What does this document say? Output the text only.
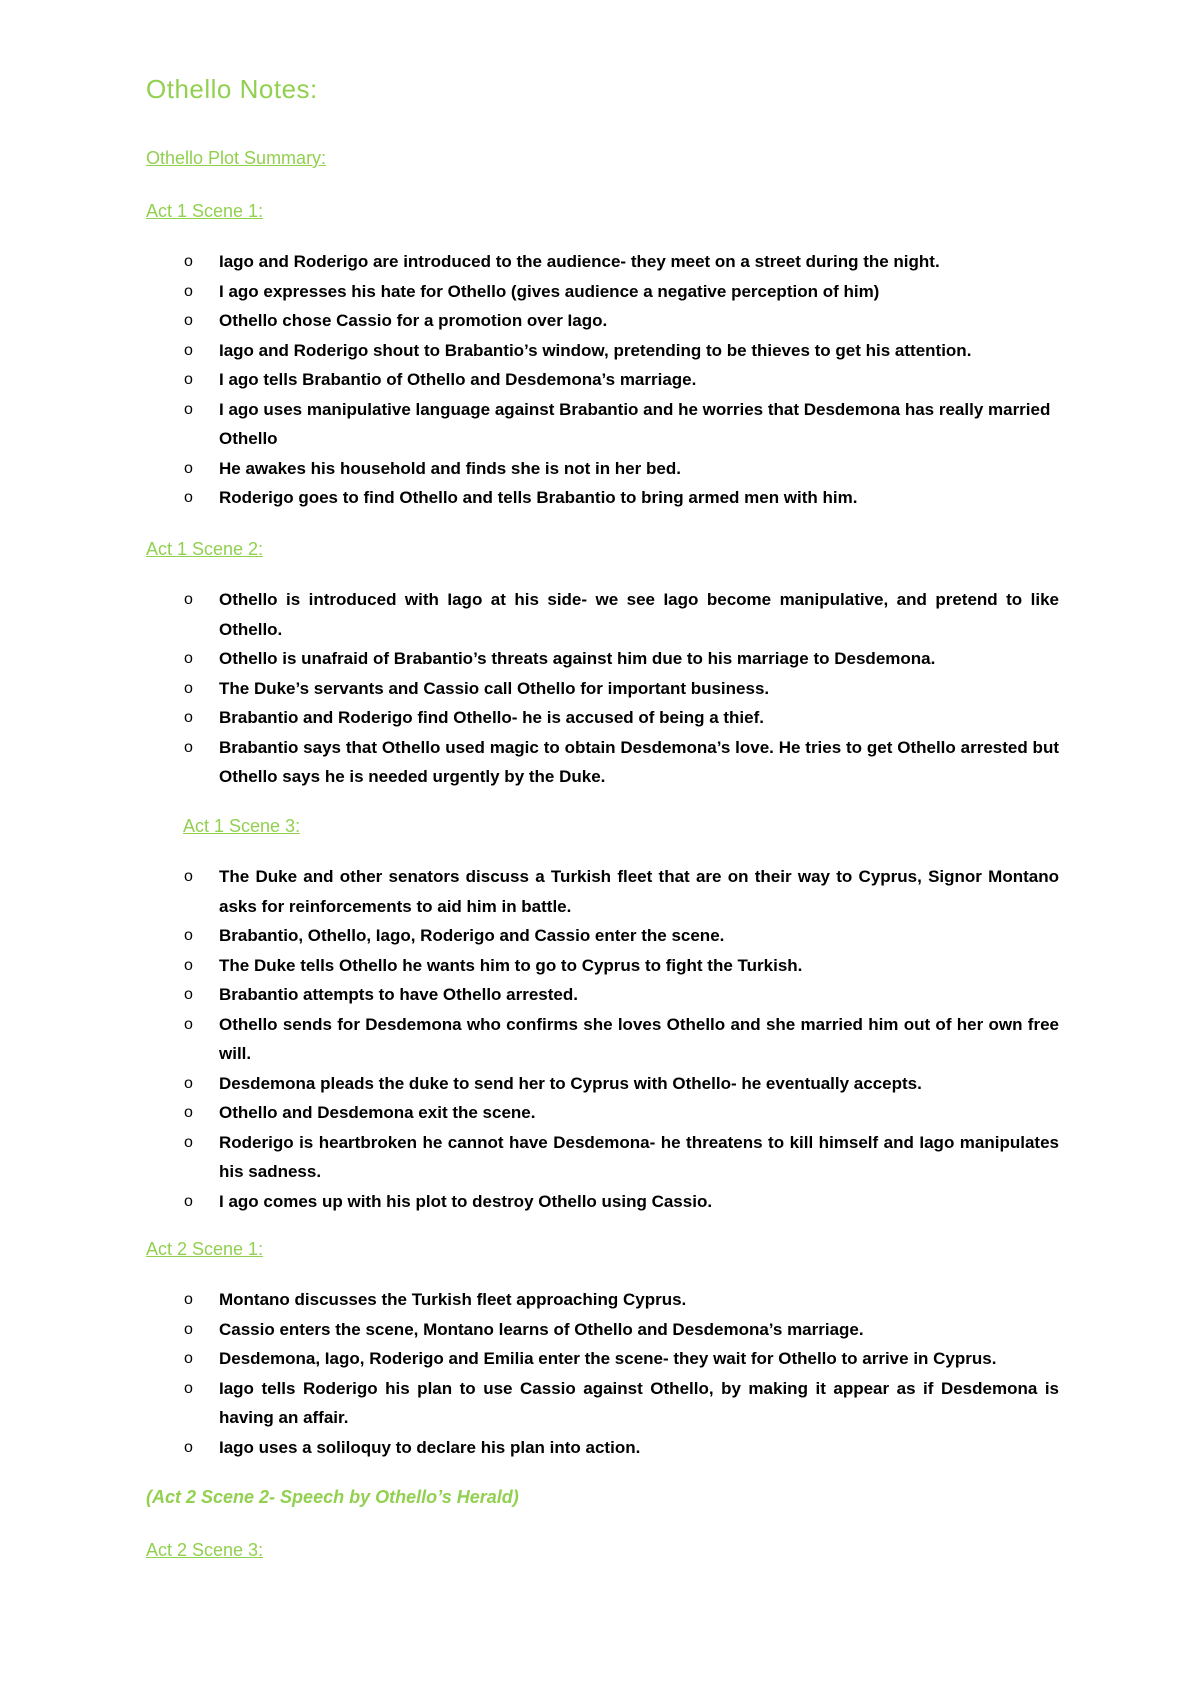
Othello Notes:
Othello Plot Summary:
Act 1 Scene 1:
o Iago and Roderigo are introduced to the audience- they meet on a street during the night.
o I ago expresses his hate for Othello (gives audience a negative perception of him)
o Othello chose Cassio for a promotion over Iago.
o Iago and Roderigo shout to Brabantio’s window, pretending to be thieves to get his attention.
o I ago tells Brabantio of Othello and Desdemona’s marriage.
o I ago uses manipulative language against Brabantio and he worries that Desdemona has really married Othello
o He awakes his household and finds she is not in her bed.
o Roderigo goes to find Othello and tells Brabantio to bring armed men with him.
Act 1 Scene 2:
o Othello is introduced with Iago at his side- we see Iago become manipulative, and pretend to like Othello.
o Othello is unafraid of Brabantio’s threats against him due to his marriage to Desdemona.
o The Duke’s servants and Cassio call Othello for important business.
o Brabantio and Roderigo find Othello- he is accused of being a thief.
o Brabantio says that Othello used magic to obtain Desdemona’s love. He tries to get Othello arrested but Othello says he is needed urgently by the Duke.
Act 1 Scene 3:
o The Duke and other senators discuss a Turkish fleet that are on their way to Cyprus, Signor Montano asks for reinforcements to aid him in battle.
o Brabantio, Othello, Iago, Roderigo and Cassio enter the scene.
o The Duke tells Othello he wants him to go to Cyprus to fight the Turkish.
o Brabantio attempts to have Othello arrested.
o Othello sends for Desdemona who confirms she loves Othello and she married him out of her own free will.
o Desdemona pleads the duke to send her to Cyprus with Othello- he eventually accepts.
o Othello and Desdemona exit the scene.
o Roderigo is heartbroken he cannot have Desdemona- he threatens to kill himself and Iago manipulates his sadness.
o I ago comes up with his plot to destroy Othello using Cassio.
Act 2 Scene 1:
o Montano discusses the Turkish fleet approaching Cyprus.
o Cassio enters the scene, Montano learns of Othello and Desdemona’s marriage.
o Desdemona, Iago, Roderigo and Emilia enter the scene- they wait for Othello to arrive in Cyprus.
o Iago tells Roderigo his plan to use Cassio against Othello, by making it appear as if Desdemona is having an affair.
o Iago uses a soliloquy to declare his plan into action.
(Act 2 Scene 2- Speech by Othello’s Herald)
Act 2 Scene 3:
